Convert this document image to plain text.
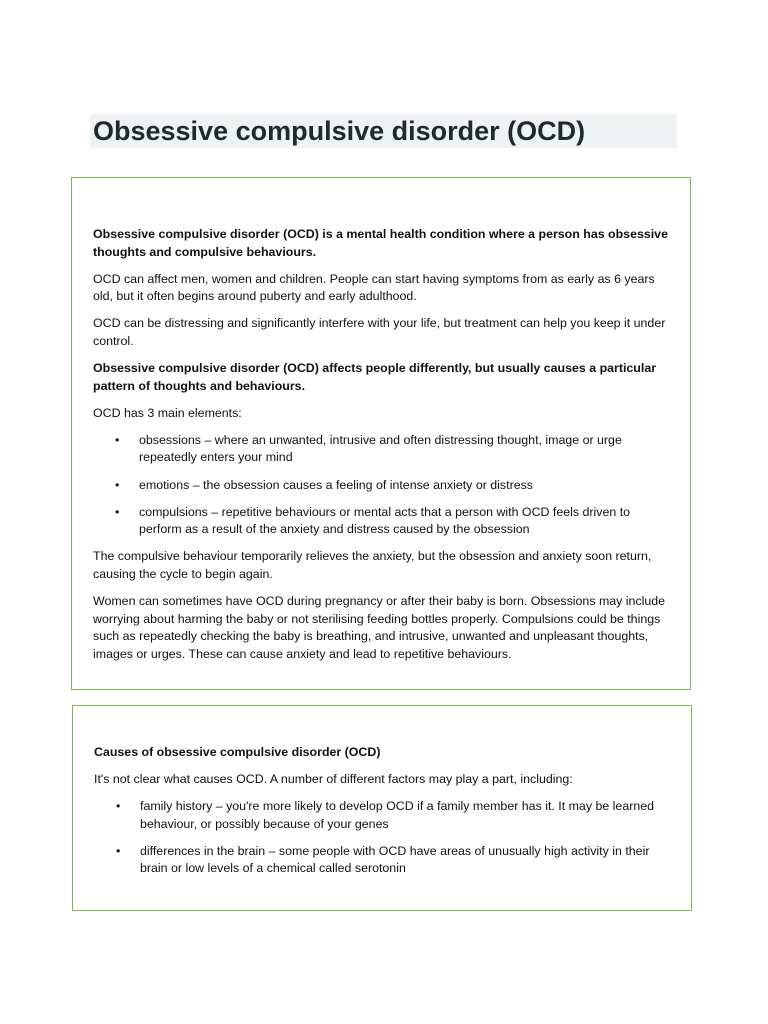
Obsessive compulsive disorder (OCD)

Obsessive compulsive disorder (OCD) is a mental health condition where a person has obsessive thoughts and compulsive behaviours.

OCD can affect men, women and children. People can start having symptoms from as early as 6 years old, but it often begins around puberty and early adulthood.

OCD can be distressing and significantly interfere with your life, but treatment can help you keep it under control.

Obsessive compulsive disorder (OCD) affects people differently, but usually causes a particular pattern of thoughts and behaviours.

OCD has 3 main elements:

• obsessions – where an unwanted, intrusive and often distressing thought, image or urge repeatedly enters your mind
• emotions – the obsession causes a feeling of intense anxiety or distress
• compulsions – repetitive behaviours or mental acts that a person with OCD feels driven to perform as a result of the anxiety and distress caused by the obsession

The compulsive behaviour temporarily relieves the anxiety, but the obsession and anxiety soon return, causing the cycle to begin again.

Women can sometimes have OCD during pregnancy or after their baby is born. Obsessions may include worrying about harming the baby or not sterilising feeding bottles properly. Compulsions could be things such as repeatedly checking the baby is breathing, and intrusive, unwanted and unpleasant thoughts, images or urges. These can cause anxiety and lead to repetitive behaviours.

Causes of obsessive compulsive disorder (OCD)

It's not clear what causes OCD. A number of different factors may play a part, including:

• family history – you're more likely to develop OCD if a family member has it. It may be learned behaviour, or possibly because of your genes
• differences in the brain – some people with OCD have areas of unusually high activity in their brain or low levels of a chemical called serotonin
